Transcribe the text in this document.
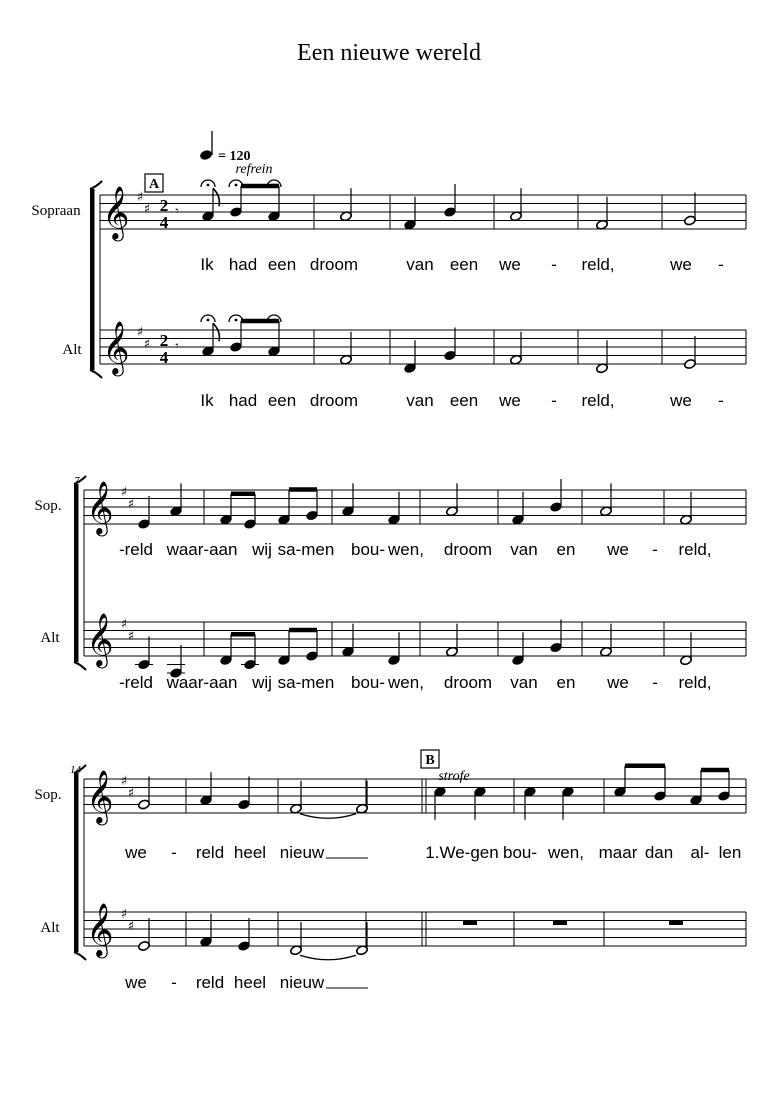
Een nieuwe wereld
𝄞 ♯
♯
𝄞 ♯
♯
𝄾
𝄾
𝄞 ♯
♯
𝄞 ♯
♯
𝄞 ♯
♯
𝄞 ♯
♯
2
4
2
4
Sopraan
Alt
= 120
A
refrein
Ik had een droom	van een we - reld,	we -
Ik had een droom	van een we - reld,	we -
Sop.
Alt
7
-reld waar-aan wij sa-men bou- wen, droom van en we - reld,
-reld waar-aan wij sa-men bou- wen, droom van en we - reld,
Sop.
Alt
14
B
strofe
we - reld heel nieuw	1.We-gen bou- wen, maar dan al- len
we - reld heel nieuw
